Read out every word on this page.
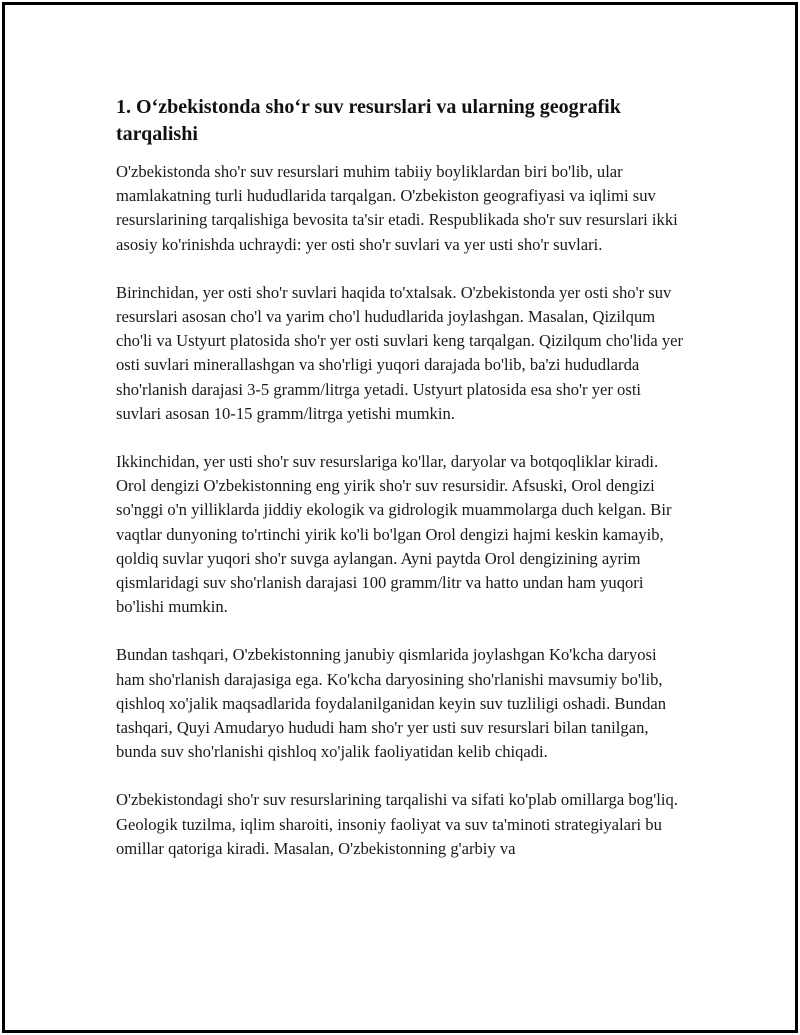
1. O‘zbekistonda sho‘r suv resurslari va ularning geografik tarqalishi

O'zbekistonda sho'r suv resurslari muhim tabiiy boyliklardan biri bo'lib, ular mamlakatning turli hududlarida tarqalgan. O'zbekiston geografiyasi va iqlimi suv resurslarining tarqalishiga bevosita ta'sir etadi. Respublikada sho'r suv resurslari ikki asosiy ko'rinishda uchraydi: yer osti sho'r suvlari va yer usti sho'r suvlari.

Birinchidan, yer osti sho'r suvlari haqida to'xtalsak. O'zbekistonda yer osti sho'r suv resurslari asosan cho'l va yarim cho'l hududlarida joylashgan. Masalan, Qizilqum cho'li va Ustyurt platosida sho'r yer osti suvlari keng tarqalgan. Qizilqum cho'lida yer osti suvlari minerallashgan va sho'rligi yuqori darajada bo'lib, ba'zi hududlarda sho'rlanish darajasi 3-5 gramm/litrga yetadi. Ustyurt platosida esa sho'r yer osti suvlari asosan 10-15 gramm/litrga yetishi mumkin.

Ikkinchidan, yer usti sho'r suv resurslariga ko'llar, daryolar va botqoqliklar kiradi. Orol dengizi O'zbekistonning eng yirik sho'r suv resursidir. Afsuski, Orol dengizi so'nggi o'n yilliklarda jiddiy ekologik va gidrologik muammolarga duch kelgan. Bir vaqtlar dunyoning to'rtinchi yirik ko'li bo'lgan Orol dengizi hajmi keskin kamayib, qoldiq suvlar yuqori sho'r suvga aylangan. Ayni paytda Orol dengizining ayrim qismlaridagi suv sho'rlanish darajasi 100 gramm/litr va hatto undan ham yuqori bo'lishi mumkin.

Bundan tashqari, O'zbekistonning janubiy qismlarida joylashgan Ko'kcha daryosi ham sho'rlanish darajasiga ega. Ko'kcha daryosining sho'rlanishi mavsumiy bo'lib, qishloq xo'jalik maqsadlarida foydalanilganidan keyin suv tuzliligi oshadi. Bundan tashqari, Quyi Amudaryo hududi ham sho'r yer usti suv resurslari bilan tanilgan, bunda suv sho'rlanishi qishloq xo'jalik faoliyatidan kelib chiqadi.

O'zbekistondagi sho'r suv resurslarining tarqalishi va sifati ko'plab omillarga bog'liq. Geologik tuzilma, iqlim sharoiti, insoniy faoliyat va suv ta'minoti strategiyalari bu omillar qatoriga kiradi. Masalan, O'zbekistonning g'arbiy va
